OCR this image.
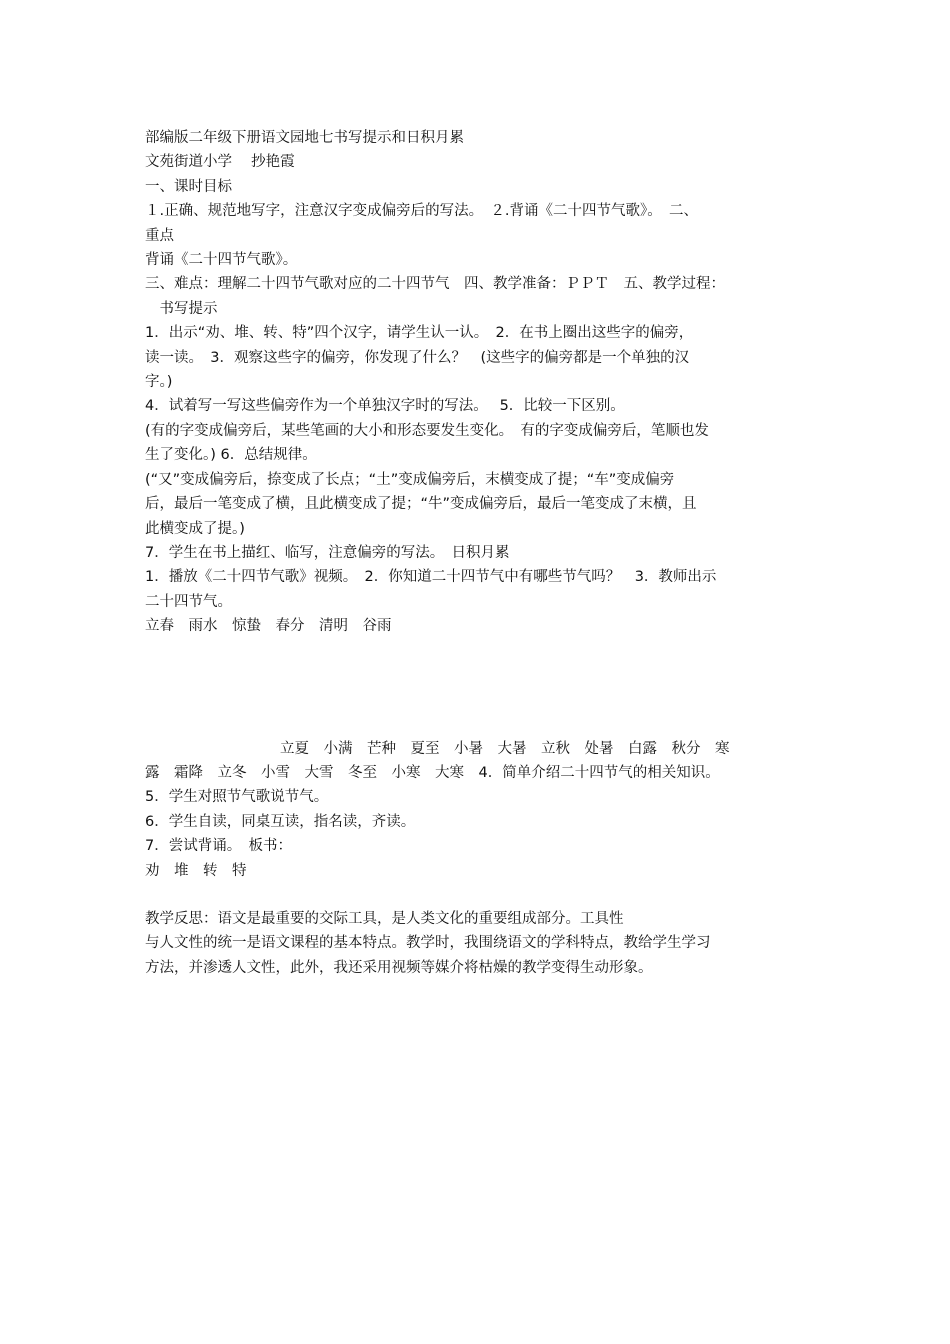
部编版二年级下册语文园地七书写提示和日积月累

文苑街道小学　 抄艳霞

一、课时目标

１.正确、规范地写字，注意汉字变成偏旁后的写法。　２.背诵《二十四节气歌》。　二、

重点

背诵《二十四节气歌》。

三、难点：理解二十四节气歌对应的二十四节气　四、教学准备：ＰＰＴ　五、教学过程：

　书写提示

1．出示“劝、堆、转、特”四个汉字，请学生认一认。　2．在书上圈出这些字的偏旁，

读一读。　3．观察这些字的偏旁，你发现了什么？　(这些字的偏旁都是一个单独的汉

字。)

4．试着写一写这些偏旁作为一个单独汉字时的写法。　 5．比较一下区别。

(有的字变成偏旁后，某些笔画的大小和形态要发生变化。　有的字变成偏旁后，笔顺也发

生了变化。) 6．总结规律。

(“又”变成偏旁后，捺变成了长点；“土”变成偏旁后，末横变成了提；“车”变成偏旁

后，最后一笔变成了横，且此横变成了提；“牛”变成偏旁后，最后一笔变成了末横，且

此横变成了提。)

7．学生在书上描红、临写，注意偏旁的写法。　日积月累

1．播放《二十四节气歌》视频。　2．你知道二十四节气中有哪些节气吗？　3．教师出示

二十四节气。

立春　雨水　惊蛰　春分　清明　谷雨

立夏　小满　芒种　夏至　小暑　大暑　立秋　处暑　白露　秋分　寒

露　霜降　立冬　小雪　大雪　冬至　小寒　大寒　4．简单介绍二十四节气的相关知识。

5．学生对照节气歌说节气。

6．学生自读，同桌互读，指名读，齐读。

7．尝试背诵。　板书：

劝　堆　转　特

教学反思：语文是最重要的交际工具，是人类文化的重要组成部分。工具性

与人文性的统一是语文课程的基本特点。教学时，我围绕语文的学科特点，教给学生学习

方法，并渗透人文性，此外，我还采用视频等媒介将枯燥的教学变得生动形象。
